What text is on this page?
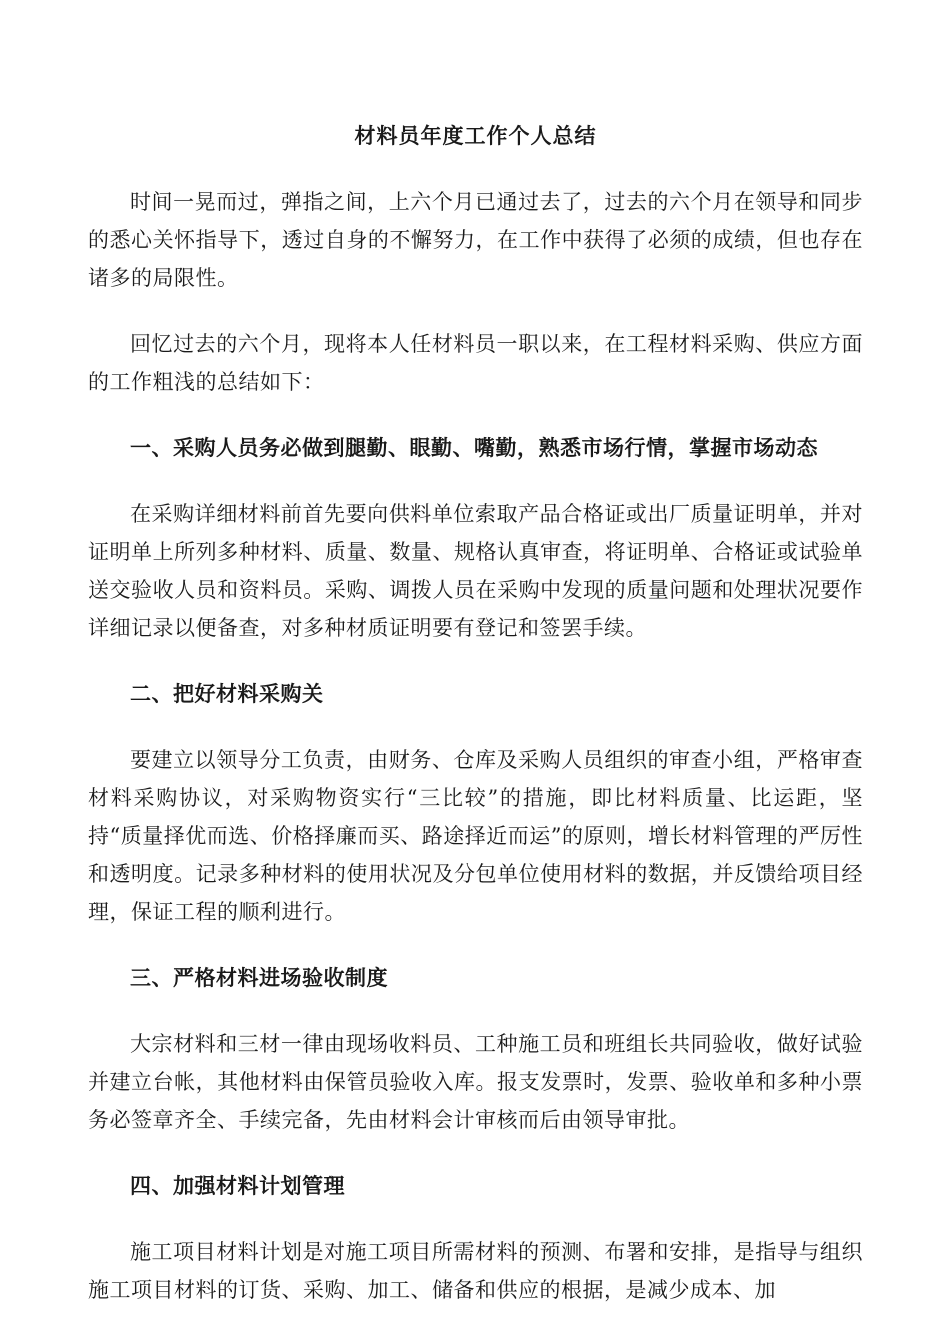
材料员年度工作个人总结

时间一晃而过，弹指之间，上六个月已通过去了，过去的六个月在领导和同步的悉心关怀指导下，透过自身的不懈努力，在工作中获得了必须的成绩，但也存在诸多的局限性。

回忆过去的六个月，现将本人任材料员一职以来，在工程材料采购、供应方面的工作粗浅的总结如下：

一、采购人员务必做到腿勤、眼勤、嘴勤，熟悉市场行情，掌握市场动态

在采购详细材料前首先要向供料单位索取产品合格证或出厂质量证明单，并对证明单上所列多种材料、质量、数量、规格认真审查，将证明单、合格证或试验单送交验收人员和资料员。采购、调拨人员在采购中发现的质量问题和处理状况要作详细记录以便备查，对多种材质证明要有登记和签罢手续。

二、把好材料采购关

要建立以领导分工负责，由财务、仓库及采购人员组织的审查小组，严格审查材料采购协议，对采购物资实行“三比较”的措施，即比材料质量、比运距，坚持“质量择优而选、价格择廉而买、路途择近而运”的原则，增长材料管理的严厉性和透明度。记录多种材料的使用状况及分包单位使用材料的数据，并反馈给项目经理，保证工程的顺利进行。

三、严格材料进场验收制度

大宗材料和三材一律由现场收料员、工种施工员和班组长共同验收，做好试验并建立台帐，其他材料由保管员验收入库。报支发票时，发票、验收单和多种小票务必签章齐全、手续完备，先由材料会计审核而后由领导审批。

四、加强材料计划管理

施工项目材料计划是对施工项目所需材料的预测、布署和安排，是指导与组织施工项目材料的订货、采购、加工、储备和供应的根据，是减少成本、加
